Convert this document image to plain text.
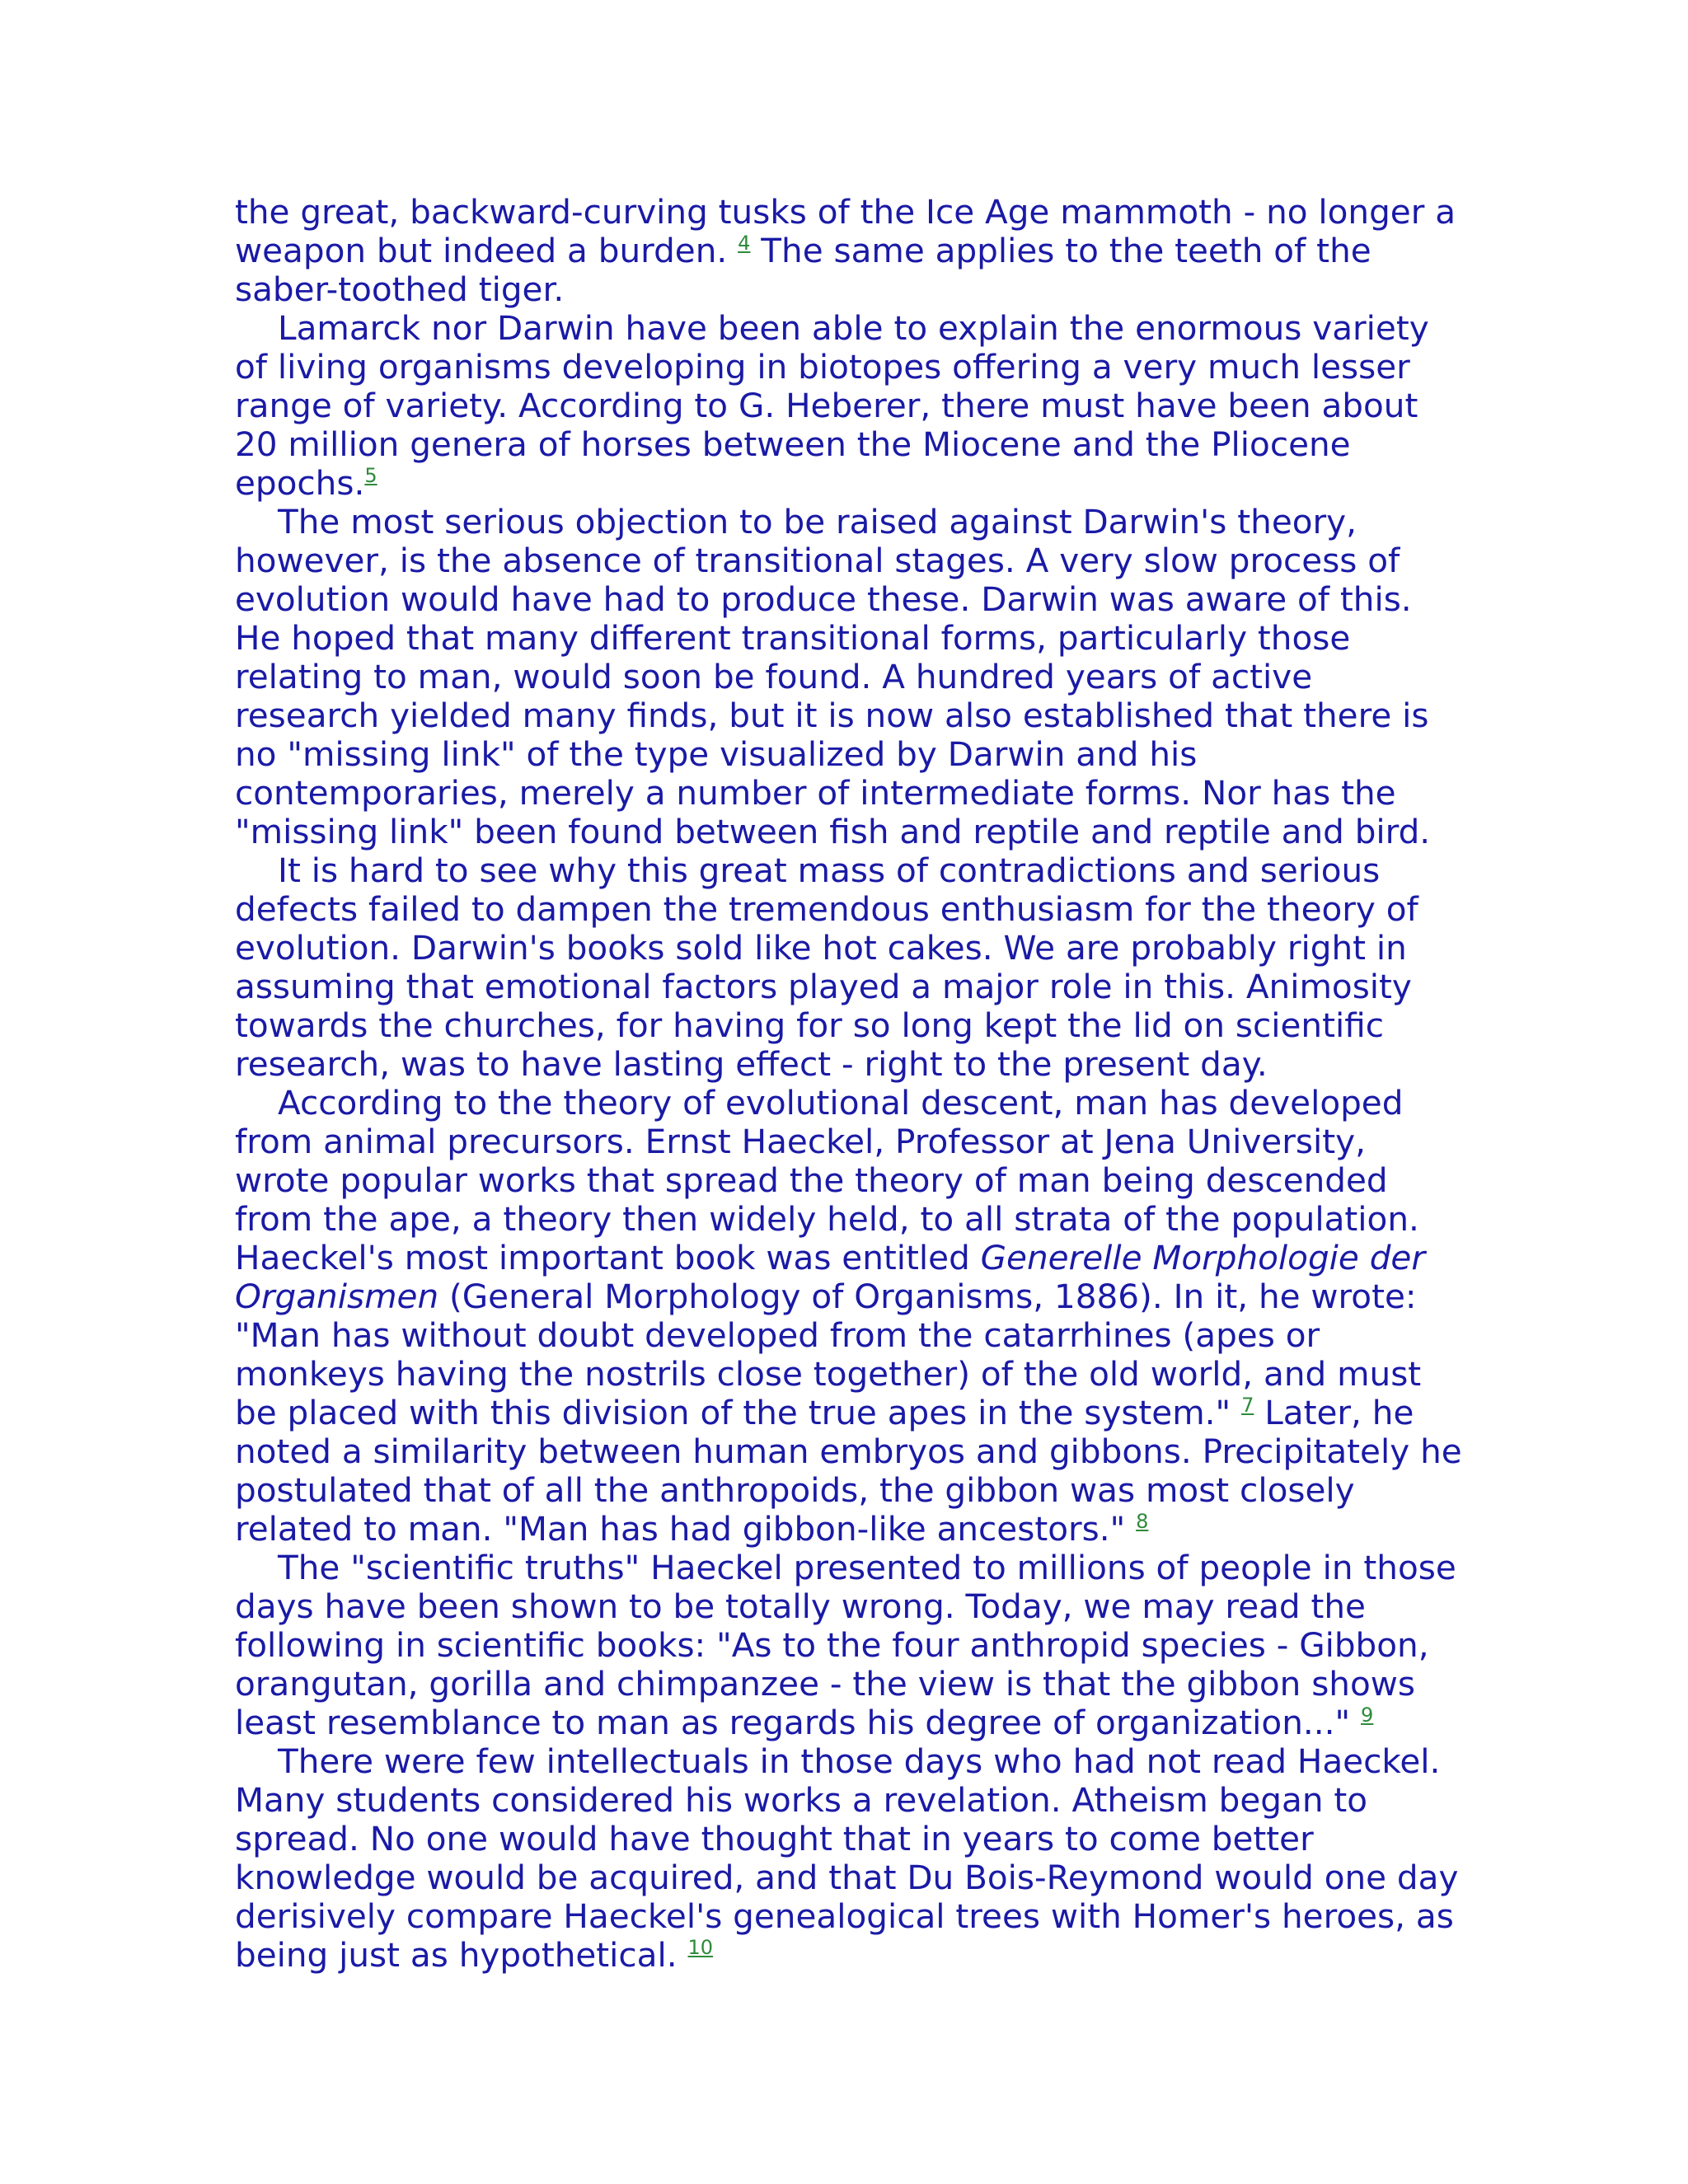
the great, backward-curving tusks of the Ice Age mammoth - no longer a
weapon but indeed a burden. $^4$ The same applies to the teeth of the
saber-toothed tiger.

Lamarck nor Darwin have been able to explain the enormous variety
of living organisms developing in biotopes offering a very much lesser
range of variety. According to G. Heberer, there must have been about
20 million genera of horses between the Miocene and the Pliocene
epochs.$^5$

The most serious objection to be raised against Darwin's theory,
however, is the absence of transitional stages. A very slow process of
evolution would have had to produce these. Darwin was aware of this.
He hoped that many different transitional forms, particularly those
relating to man, would soon be found. A hundred years of active
research yielded many finds, but it is now also established that there is
no "missing link" of the type visualized by Darwin and his
contemporaries, merely a number of intermediate forms. Nor has the
"missing link" been found between fish and reptile and reptile and bird.

It is hard to see why this great mass of contradictions and serious
defects failed to dampen the tremendous enthusiasm for the theory of
evolution. Darwin's books sold like hot cakes. We are probably right in
assuming that emotional factors played a major role in this. Animosity
towards the churches, for having for so long kept the lid on scientific
research, was to have lasting effect - right to the present day.

According to the theory of evolutional descent, man has developed
from animal precursors. Ernst Haeckel, Professor at Jena University,
wrote popular works that spread the theory of man being descended
from the ape, a theory then widely held, to all strata of the population.
Haeckel's most important book was entitled Generelle Morphologie der
Organismen (General Morphology of Organisms, 1886). In it, he wrote:
"Man has without doubt developed from the catarrhines (apes or
monkeys having the nostrils close together) of the old world, and must
be placed with this division of the true apes in the system." $^7$ Later, he
noted a similarity between human embryos and gibbons. Precipitately he
postulated that of all the anthropoids, the gibbon was most closely
related to man. "Man has had gibbon-like ancestors." $^8$

The "scientific truths" Haeckel presented to millions of people in those
days have been shown to be totally wrong. Today, we may read the
following in scientific books: "As to the four anthropid species - Gibbon,
orangutan, gorilla and chimpanzee - the view is that the gibbon shows
least resemblance to man as regards his degree of organization..." $^9$

There were few intellectuals in those days who had not read Haeckel.
Many students considered his works a revelation. Atheism began to
spread. No one would have thought that in years to come better
knowledge would be acquired, and that Du Bois-Reymond would one day
derisively compare Haeckel's genealogical trees with Homer's heroes, as
being just as hypothetical. $^{10}$
